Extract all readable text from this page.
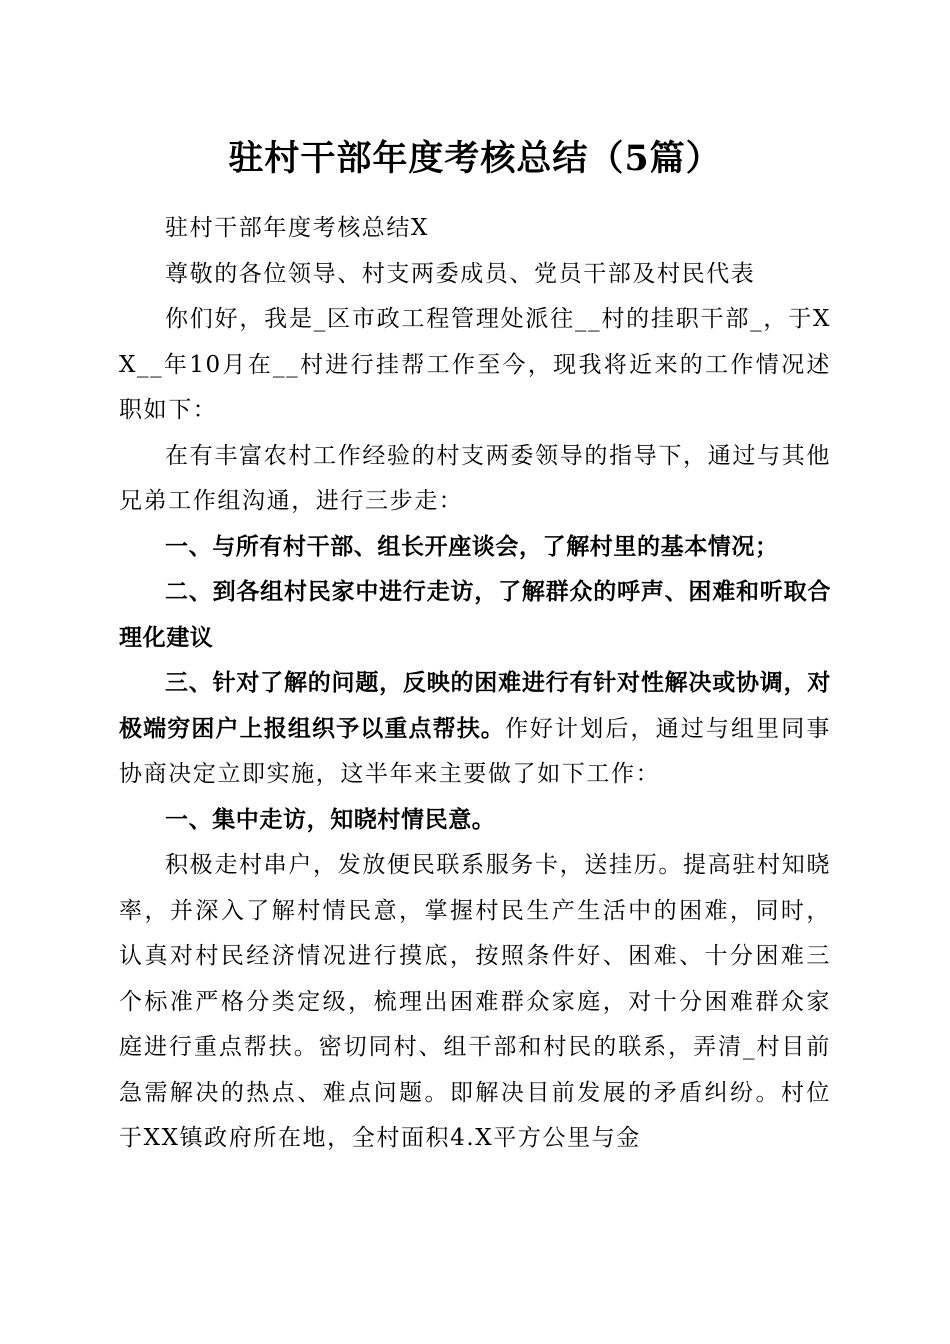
驻村干部年度考核总结（5篇）

驻村干部年度考核总结X

尊敬的各位领导、村支两委成员、党员干部及村民代表

你们好，我是_区市政工程管理处派往__村的挂职干部_，于XX__年10月在__村进行挂帮工作至今，现我将近来的工作情况述职如下：

在有丰富农村工作经验的村支两委领导的指导下，通过与其他兄弟工作组沟通，进行三步走：

一、与所有村干部、组长开座谈会，了解村里的基本情况；

二、到各组村民家中进行走访，了解群众的呼声、困难和听取合理化建议

三、针对了解的问题，反映的困难进行有针对性解决或协调，对极端穷困户上报组织予以重点帮扶。作好计划后，通过与组里同事协商决定立即实施，这半年来主要做了如下工作：

一、集中走访，知晓村情民意。

积极走村串户，发放便民联系服务卡，送挂历。提高驻村知晓率，并深入了解村情民意，掌握村民生产生活中的困难，同时，认真对村民经济情况进行摸底，按照条件好、困难、十分困难三个标准严格分类定级，梳理出困难群众家庭，对十分困难群众家庭进行重点帮扶。密切同村、组干部和村民的联系，弄清_村目前急需解决的热点、难点问题。即解决目前发展的矛盾纠纷。村位于XX镇政府所在地，全村面积4.X平方公里与金
